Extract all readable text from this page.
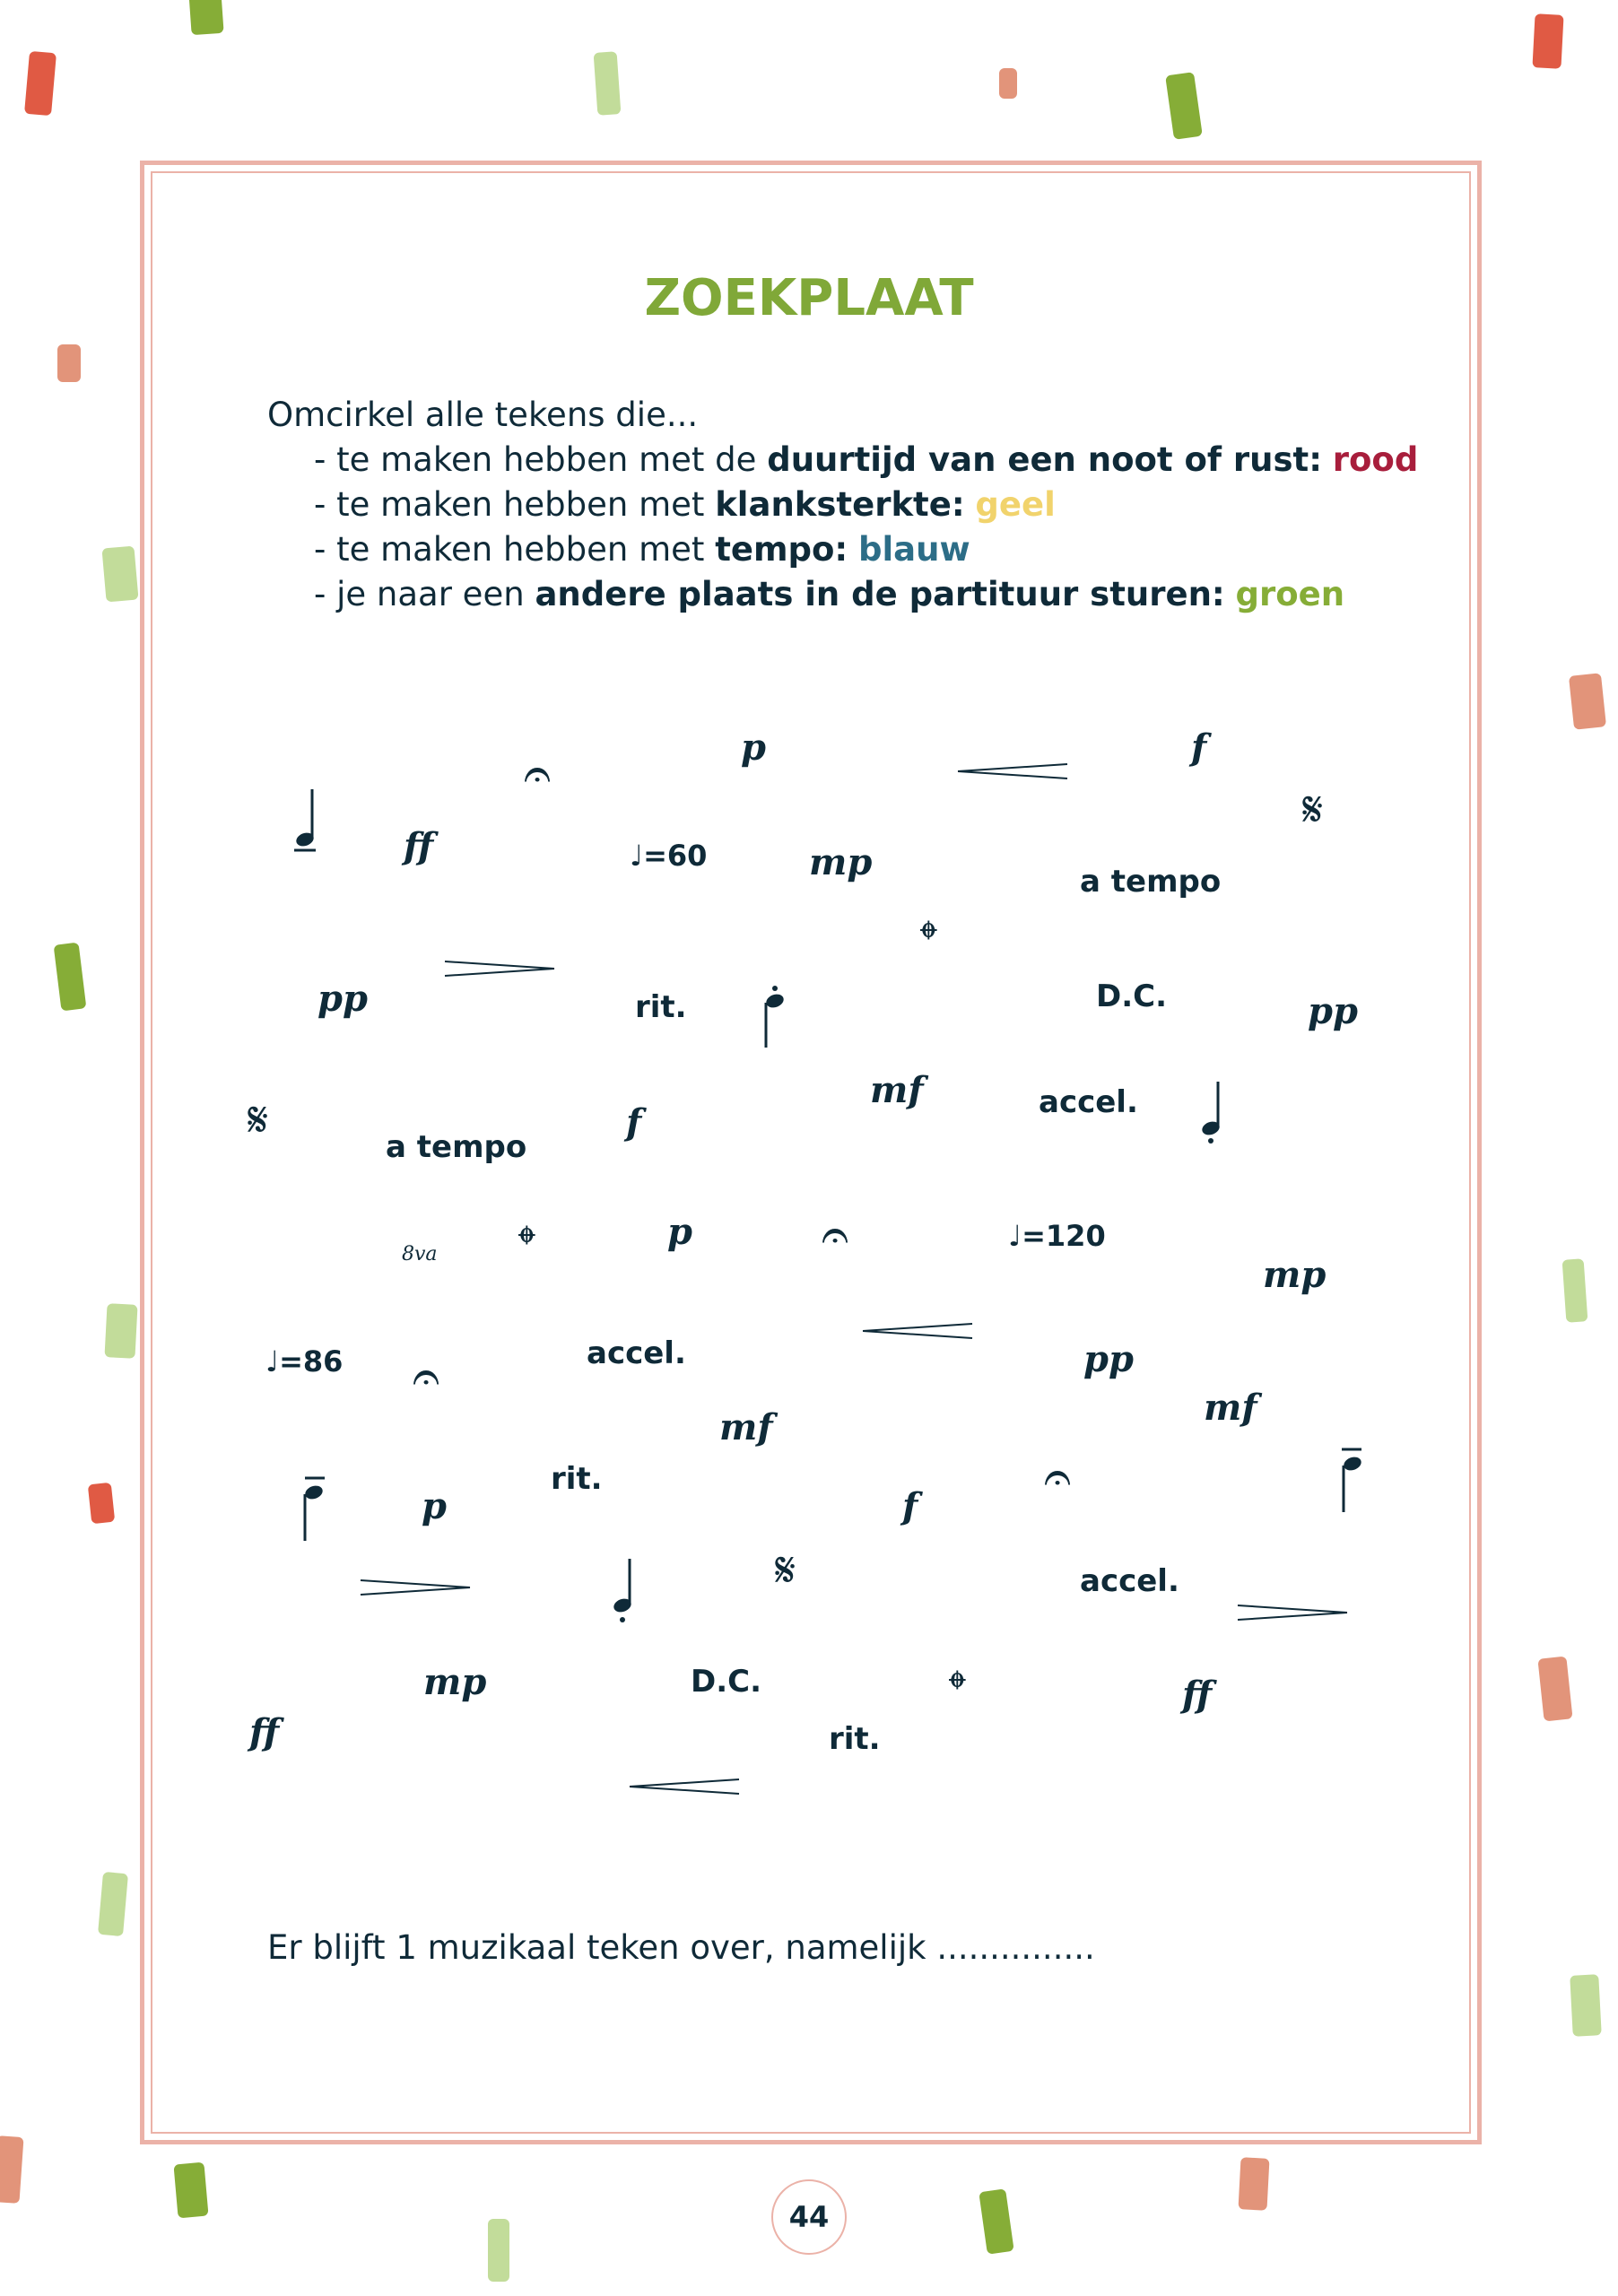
ZOEKPLAAT
Omcirkel alle tekens die...
- te maken hebben met de duurtijd van een noot of rust: rood
- te maken hebben met klanksterkte: geel
- te maken hebben met tempo: blauw
- je naar een andere plaats in de partituur sturen: groen
𝄐	p	f
ff	♩=60	mp
𝄋
a tempo
𝄌
pp	rit.	D.C.	pp
𝄋	a tempo
f
mf	accel.
8va 𝄌	p	𝄐	♩=120
mp
♩=86 𝄐	accel.	pp
mf
mf
p
rit.
f
𝄐
𝄋	accel.
mp	D.C.	𝄌	ff
ff	rit.
Er blijft 1 muzikaal teken over, namelijk ...............
44
